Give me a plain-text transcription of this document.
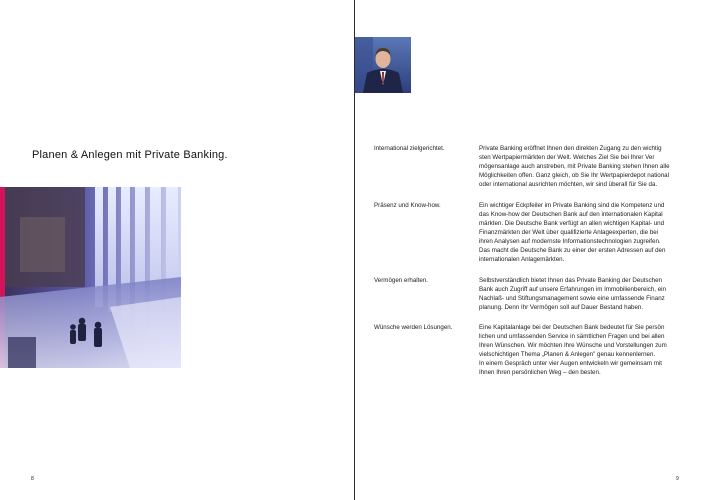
Planen & Anlegen mit Private Banking.
8
International zielgerichtet.	Private Banking eröffnet Ihnen den direkten Zugang zu den wichtig
sten Wertpapiermärkten der Welt. Welches Ziel Sie bei Ihrer Ver
mögensanlage auch anstreben, mit Private Banking stehen Ihnen alle
Möglichkeiten offen. Ganz gleich, ob Sie Ihr Wertpapierdepot national
oder international ausrichten möchten, wir sind überall für Sie da.
Präsenz und Know-how.	Ein wichtiger Eckpfeiler im Private Banking sind die Kompetenz und
das Know-how der Deutschen Bank auf den internationalen Kapital
märkten. Die Deutsche Bank verfügt an allen wichtigen Kapital- und
Finanzmärkten der Welt über qualifizierte Anlageexperten, die bei
ihren Analysen auf modernste Informationstechnologien zugreifen.
Das macht die Deutsche Bank zu einer der ersten Adressen auf den
internationalen Anlagemärkten.
Vermögen erhalten.	Selbstverständlich bietet Ihnen das Private Banking der Deutschen
Bank auch Zugriff auf unsere Erfahrungen im Immobilienbereich, ein
Nachlaß- und Stiftungsmanagement sowie eine umfassende Finanz
planung. Denn Ihr Vermögen soll auf Dauer Bestand haben.
Wünsche werden Lösungen.	Eine Kapitalanlage bei der Deutschen Bank bedeutet für Sie persön
lichen und umfassenden Service in sämtlichen Fragen und bei allen
Ihren Wünschen. Wir möchten Ihre Wünsche und Vorstellungen zum
vielschichtigen Thema „Planen & Anlegen" genau kennenlernen.
In einem Gespräch unter vier Augen entwickeln wir gemeinsam mit
Ihnen Ihren persönlichen Weg – den besten.
9
